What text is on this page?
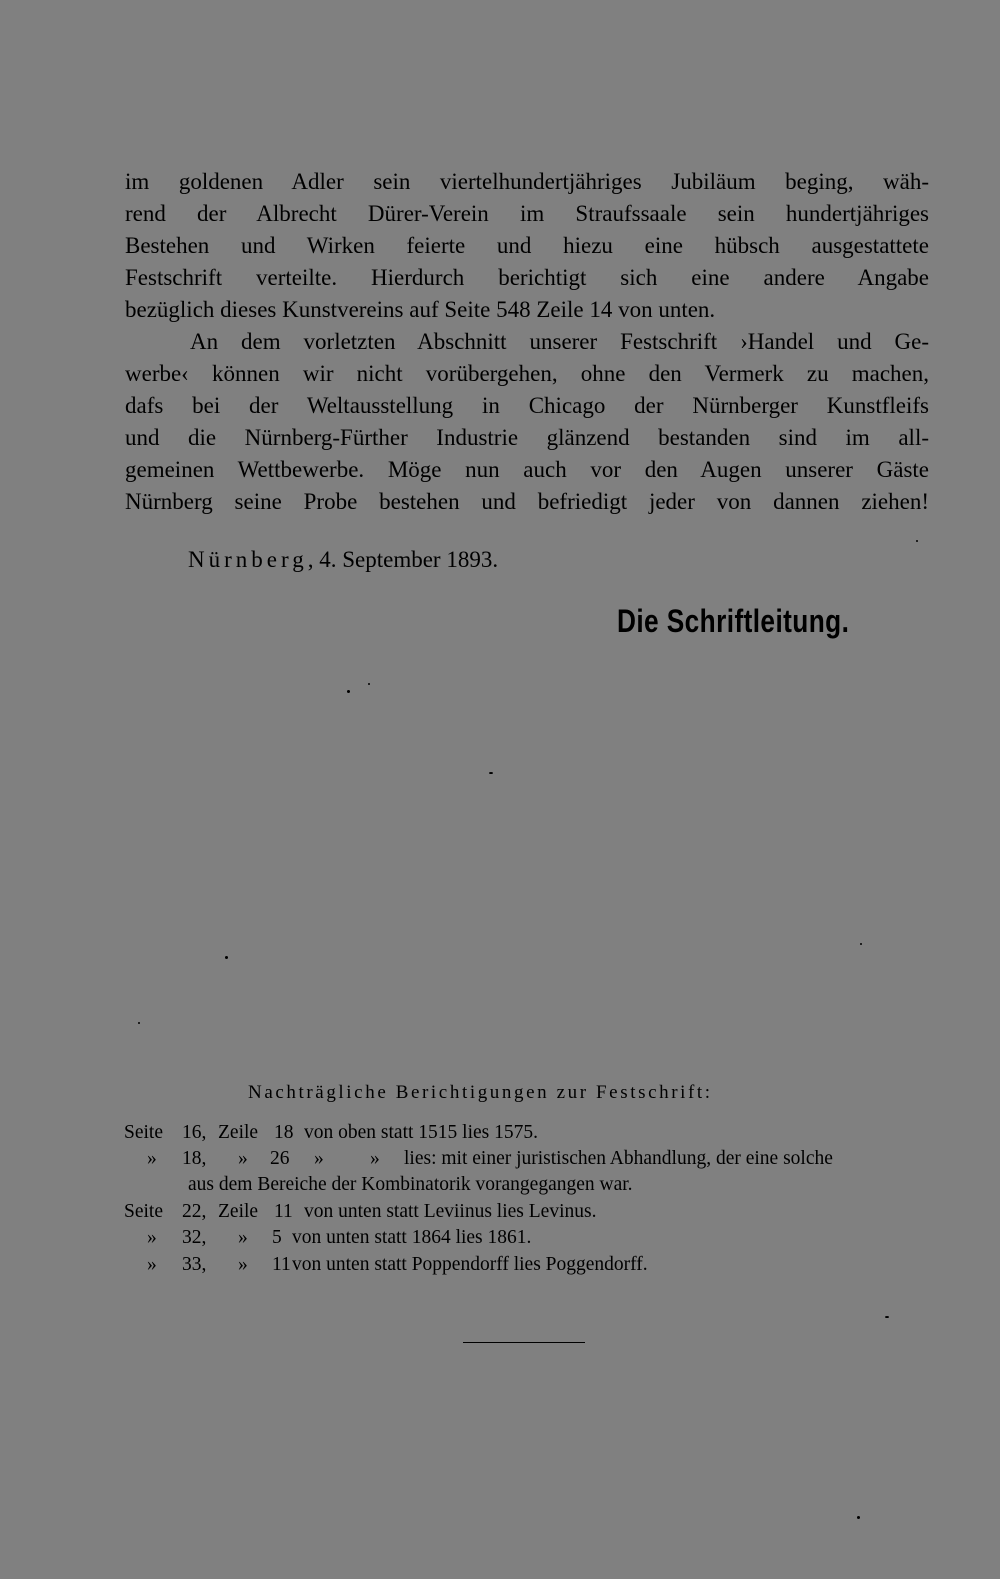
im goldenen Adler sein viertelhundertjähriges Jubiläum beging, wäh-
rend der Albrecht Dürer-Verein im Straufssaale sein hundertjähriges
Bestehen und Wirken feierte und hiezu eine hübsch ausgestattete
Festschrift verteilte. Hierdurch berichtigt sich eine andere Angabe
bezüglich dieses Kunstvereins auf Seite 548 Zeile 14 von unten.
An dem vorletzten Abschnitt unserer Festschrift ›Handel und Ge-
werbe‹ können wir nicht vorübergehen, ohne den Vermerk zu machen,
dafs bei der Weltausstellung in Chicago der Nürnberger Kunstfleifs
und die Nürnberg-Fürther Industrie glänzend bestanden sind im all-
gemeinen Wettbewerbe. Möge nun auch vor den Augen unserer Gäste
Nürnberg seine Probe bestehen und befriedigt jeder von dannen ziehen!
Nürnberg, 4. September 1893.
Die Schriftleitung.
Nachträgliche Berichtigungen zur Festschrift:
Seite 16, Zeile 18 von oben statt 1515 lies 1575.
» 18, » 26 » » lies: mit einer juristischen Abhandlung, der eine solche
aus dem Bereiche der Kombinatorik vorangegangen war.
Seite 22, Zeile 11 von unten statt Leviinus lies Levinus.
» 32, » 5 von unten statt 1864 lies 1861.
» 33, » 11 von unten statt Poppendorff lies Poggendorff.
